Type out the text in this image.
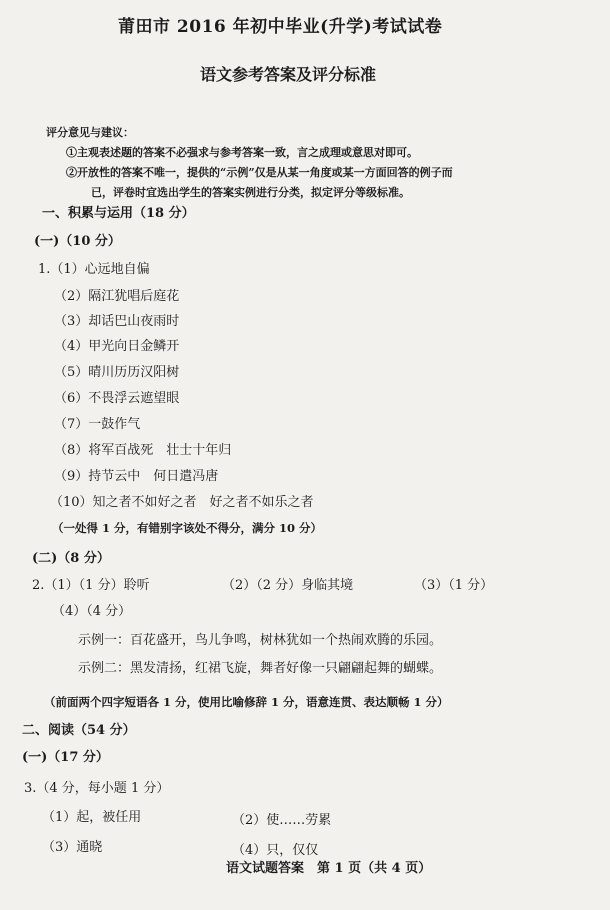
莆田市 2016 年初中毕业(升学)考试试卷
语文参考答案及评分标准
评分意见与建议：
①主观表述题的答案不必强求与参考答案一致，言之成理或意思对即可。
②开放性的答案不唯一，提供的“示例”仅是从某一角度或某一方面回答的例子而
已，评卷时宜选出学生的答案实例进行分类，拟定评分等级标准。
一、积累与运用（18 分）
(一)（10 分）
1.（1）心远地自偏
（2）隔江犹唱后庭花
（3）却话巴山夜雨时
（4）甲光向日金鳞开
（5）晴川历历汉阳树
（6）不畏浮云遮望眼
（7）一鼓作气
（8）将军百战死　壮士十年归
（9）持节云中　何日遣冯唐
（10）知之者不如好之者　好之者不如乐之者
（一处得 1 分，有错别字该处不得分，满分 10 分）
(二)（8 分）
2.（1）（1 分）聆听	（2）（2 分）身临其境	（3）（1 分）
（4）（4 分）
示例一：百花盛开，鸟儿争鸣，树林犹如一个热闹欢腾的乐园。
示例二：黑发清扬，红裙飞旋，舞者好像一只翩翩起舞的蝴蝶。
（前面两个四字短语各 1 分，使用比喻修辞 1 分，语意连贯、表达顺畅 1 分）
二、阅读（54 分）
(一)（17 分）
3.（4 分，每小题 1 分）
（1）起，被任用	（2）使……劳累
（3）通晓	（4）只，仅仅
语文试题答案　第 1 页（共 4 页）
